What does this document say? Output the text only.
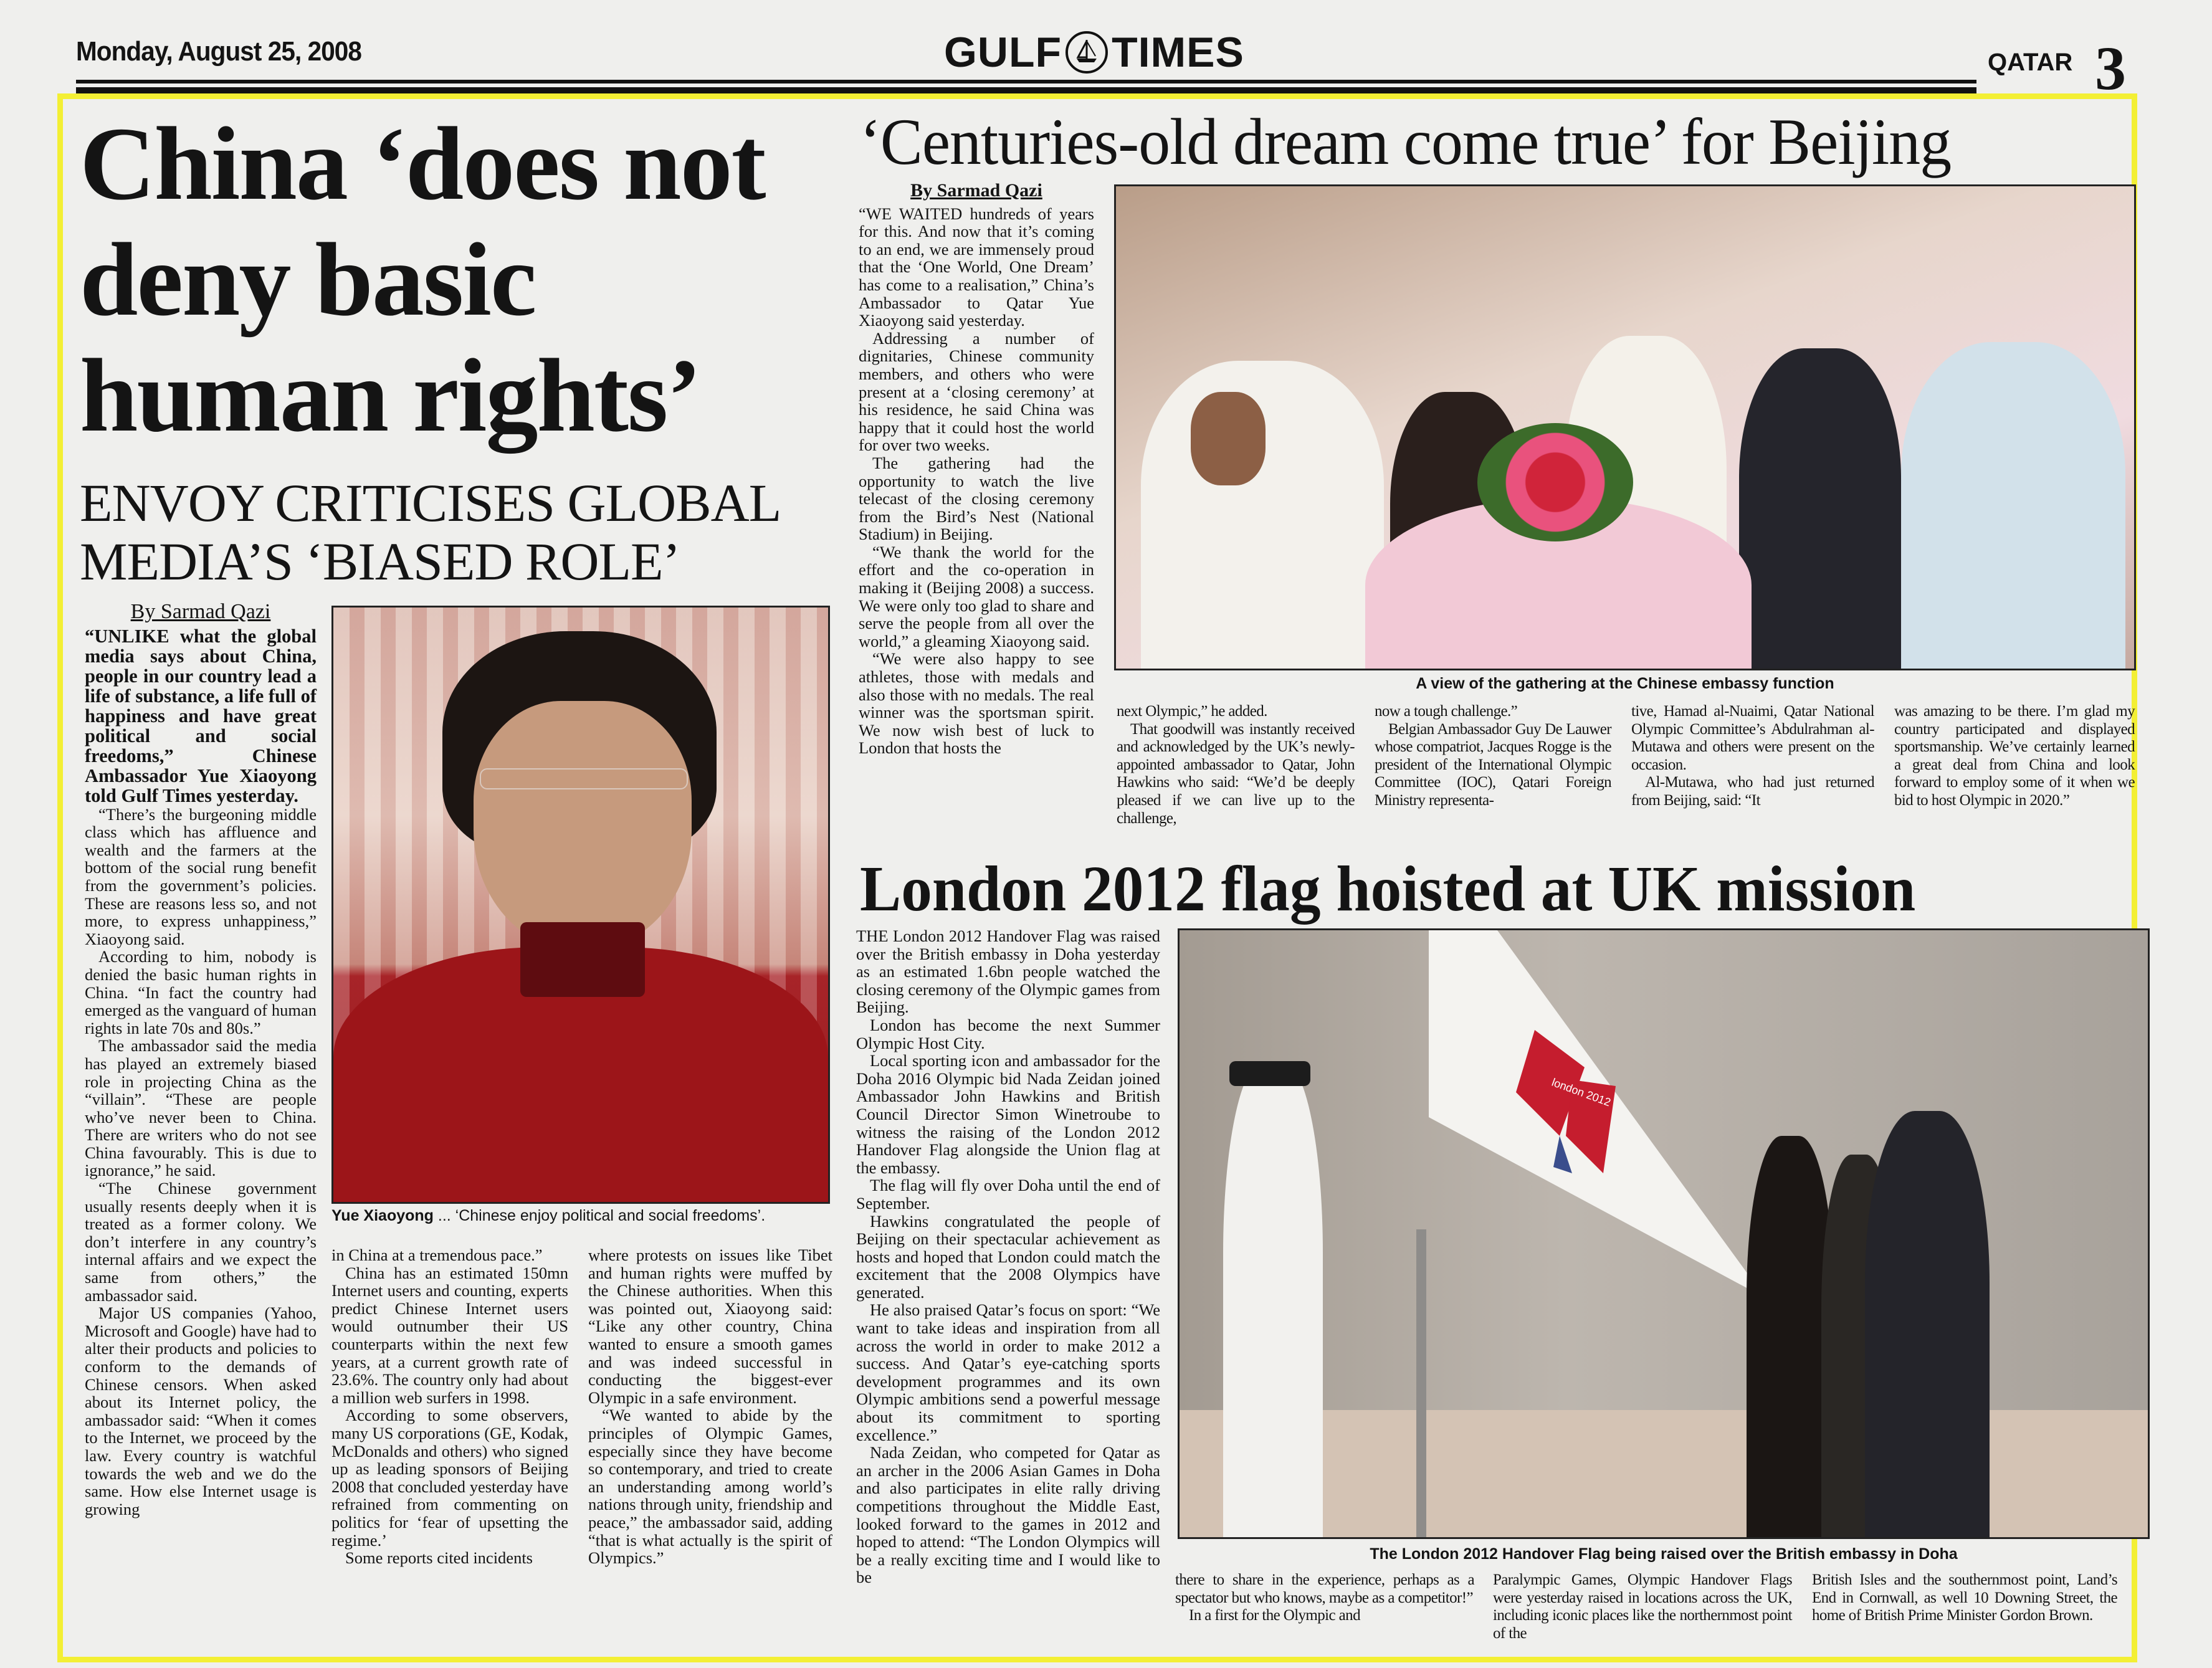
Monday, August 25, 2008	GULF TIMES	QATAR 3
China ‘does not deny basic human rights’
ENVOY CRITICISES GLOBAL MEDIA’S ‘BIASED ROLE’
By Sarmad Qazi

“UNLIKE what the global media says about China, people in our country lead a life of substance, a life full of happiness and have great political and social freedoms,” Chinese Ambassador Yue Xiaoyong told Gulf Times yesterday.

“There’s the burgeoning middle class which has affluence and wealth and the farmers at the bottom of the social rung benefit from the government’s policies. These are reasons less so, and not more, to express unhappiness,” Xiaoyong said.

According to him, nobody is denied the basic human rights in China. “In fact the country had emerged as the vanguard of human rights in late 70s and 80s.”

The ambassador said the media has played an extremely biased role in projecting China as the “villain”. “These are people who’ve never been to China. There are writers who do not see China favourably. This is due to ignorance,” he said.

“The Chinese government usually resents deeply when it is treated as a former colony. We don’t interfere in any country’s internal affairs and we expect the same from others,” the ambassador said.

Major US companies (Yahoo, Microsoft and Google) have had to alter their products and policies to conform to the demands of Chinese censors. When asked about its Internet policy, the ambassador said: “When it comes to the Internet, we proceed by the law. Every country is watchful towards the web and we do the same. How else Internet usage is growing

Yue Xiaoyong ... ‘Chinese enjoy political and social freedoms’.

in China at a tremendous pace.”

China has an estimated 150mn Internet users and counting, experts predict Chinese Internet users would outnumber their US counterparts within the next few years, at a current growth rate of 23.6%. The country only had about a million web surfers in 1998.

According to some observers, many US corporations (GE, Kodak, McDonalds and others) who signed up as leading sponsors of Beijing 2008 that concluded yesterday have refrained from commenting on politics for ‘fear of upsetting the regime.’

Some reports cited incidents

where protests on issues like Tibet and human rights were muffed by the Chinese authorities. When this was pointed out, Xiaoyong said: “Like any other country, China wanted to ensure a smooth games and was indeed successful in conducting the biggest-ever Olympic in a safe environment.

“We wanted to abide by the principles of Olympic Games, especially since they have become so contemporary, and tried to create an understanding among world’s nations through unity, friendship and peace,” the ambassador said, adding “that is what actually is the spirit of Olympics.”

‘Centuries-old dream come true’ for Beijing
By Sarmad Qazi

“WE WAITED hundreds of years for this. And now that it’s coming to an end, we are immensely proud that the ‘One World, One Dream’ has come to a realisation,” China’s Ambassador to Qatar Yue Xiaoyong said yesterday.

Addressing a number of dignitaries, Chinese community members, and others who were present at a ‘closing ceremony’ at his residence, he said China was happy that it could host the world for over two weeks.

The gathering had the opportunity to watch the live telecast of the closing ceremony from the Bird’s Nest (National Stadium) in Beijing.

“We thank the world for the effort and the co-operation in making it (Beijing 2008) a success. We were only too glad to share and serve the people from all over the world,” a gleaming Xiaoyong said.

“We were also happy to see athletes, those with medals and also those with no medals. The real winner was the sportsman spirit. We now wish best of luck to London that hosts the

A view of the gathering at the Chinese embassy function

next Olympic,” he added.

That goodwill was instantly received and acknowledged by the UK’s newly-appointed ambassador to Qatar, John Hawkins who said: “We’d be deeply pleased if we can live up to the challenge,

now a tough challenge.”

Belgian Ambassador Guy De Lauwer whose compatriot, Jacques Rogge is the president of the International Olympic Committee (IOC), Qatari Foreign Ministry representa-

tive, Hamad al-Nuaimi, Qatar National Olympic Committee’s Abdulrahman al-Mutawa and others were present on the occasion.

Al-Mutawa, who had just returned from Beijing, said: “It

was amazing to be there. I’m glad my country participated and displayed sportsmanship. We’ve certainly learned a great deal from China and look forward to employ some of it when we bid to host Olympic in 2020.”

London 2012 flag hoisted at UK mission

THE London 2012 Handover Flag was raised over the British embassy in Doha yesterday as an estimated 1.6bn people watched the closing ceremony of the Olympic games from Beijing.

London has become the next Summer Olympic Host City.

Local sporting icon and ambassador for the Doha 2016 Olympic bid Nada Zeidan joined Ambassador John Hawkins and British Council Director Simon Winetroube to witness the raising of the London 2012 Handover Flag alongside the Union flag at the embassy.

The flag will fly over Doha until the end of September.

Hawkins congratulated the people of Beijing on their spectacular achievement as hosts and hoped that London could match the excitement that the 2008 Olympics have generated.

He also praised Qatar’s focus on sport: “We want to take ideas and inspiration from all across the world in order to make 2012 a success. And Qatar’s eye-catching sports development programmes and its own Olympic ambitions send a powerful message about its commitment to sporting excellence.”

Nada Zeidan, who competed for Qatar as an archer in the 2006 Asian Games in Doha and also participates in elite rally driving competitions throughout the Middle East, looked forward to the games in 2012 and hoped to attend: “The London Olympics will be a really exciting time and I would like to be

london 2012
The London 2012 Handover Flag being raised over the British embassy in Doha

there to share in the experience, perhaps as a spectator but who knows, maybe as a competitor!”

In a first for the Olympic and

Paralympic Games, Olympic Handover Flags were yesterday raised in locations across the UK, including iconic places like the northernmost point of the

British Isles and the southernmost point, Land’s End in Cornwall, as well 10 Downing Street, the home of British Prime Minister Gordon Brown.
